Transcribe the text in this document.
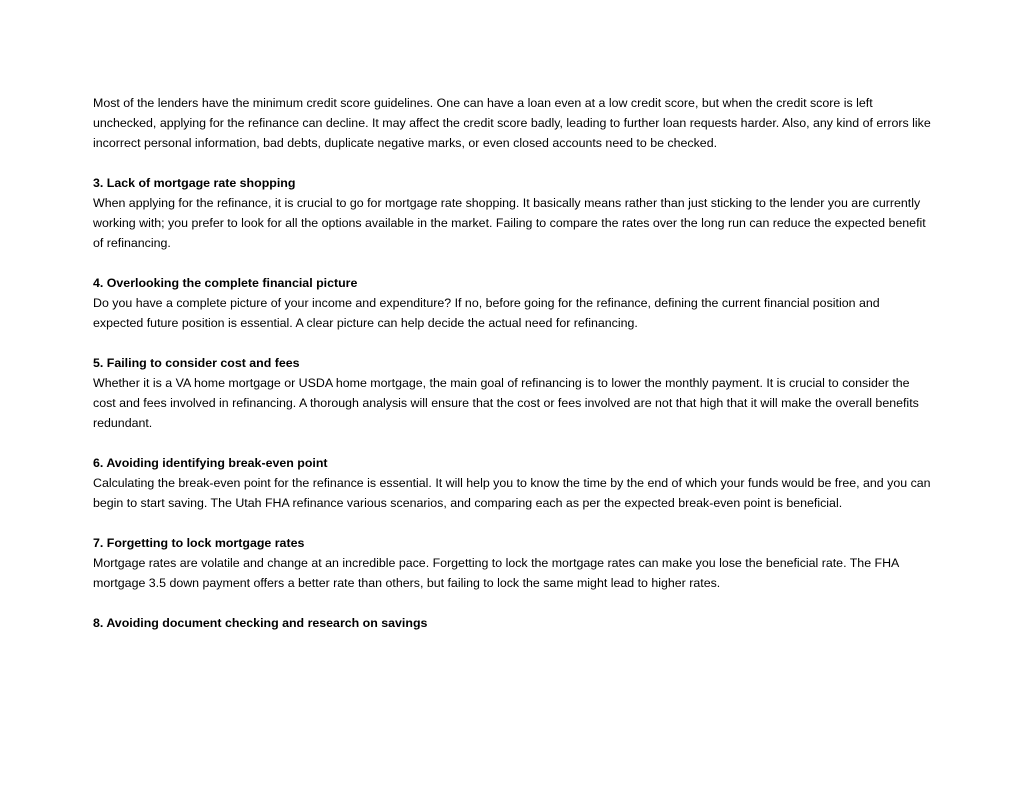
Most of the lenders have the minimum credit score guidelines. One can have a loan even at a low credit score, but when the credit score is left unchecked, applying for the refinance can decline. It may affect the credit score badly, leading to further loan requests harder. Also, any kind of errors like incorrect personal information, bad debts, duplicate negative marks, or even closed accounts need to be checked.

3. Lack of mortgage rate shopping

When applying for the refinance, it is crucial to go for mortgage rate shopping. It basically means rather than just sticking to the lender you are currently working with; you prefer to look for all the options available in the market. Failing to compare the rates over the long run can reduce the expected benefit of refinancing.

4. Overlooking the complete financial picture

Do you have a complete picture of your income and expenditure? If no, before going for the refinance, defining the current financial position and expected future position is essential. A clear picture can help decide the actual need for refinancing.

5. Failing to consider cost and fees

Whether it is a VA home mortgage or USDA home mortgage, the main goal of refinancing is to lower the monthly payment. It is crucial to consider the cost and fees involved in refinancing. A thorough analysis will ensure that the cost or fees involved are not that high that it will make the overall benefits redundant.

6. Avoiding identifying break-even point

Calculating the break-even point for the refinance is essential. It will help you to know the time by the end of which your funds would be free, and you can begin to start saving. The Utah FHA refinance various scenarios, and comparing each as per the expected break-even point is beneficial.

7. Forgetting to lock mortgage rates

Mortgage rates are volatile and change at an incredible pace. Forgetting to lock the mortgage rates can make you lose the beneficial rate. The FHA mortgage 3.5 down payment offers a better rate than others, but failing to lock the same might lead to higher rates.

8. Avoiding document checking and research on savings
